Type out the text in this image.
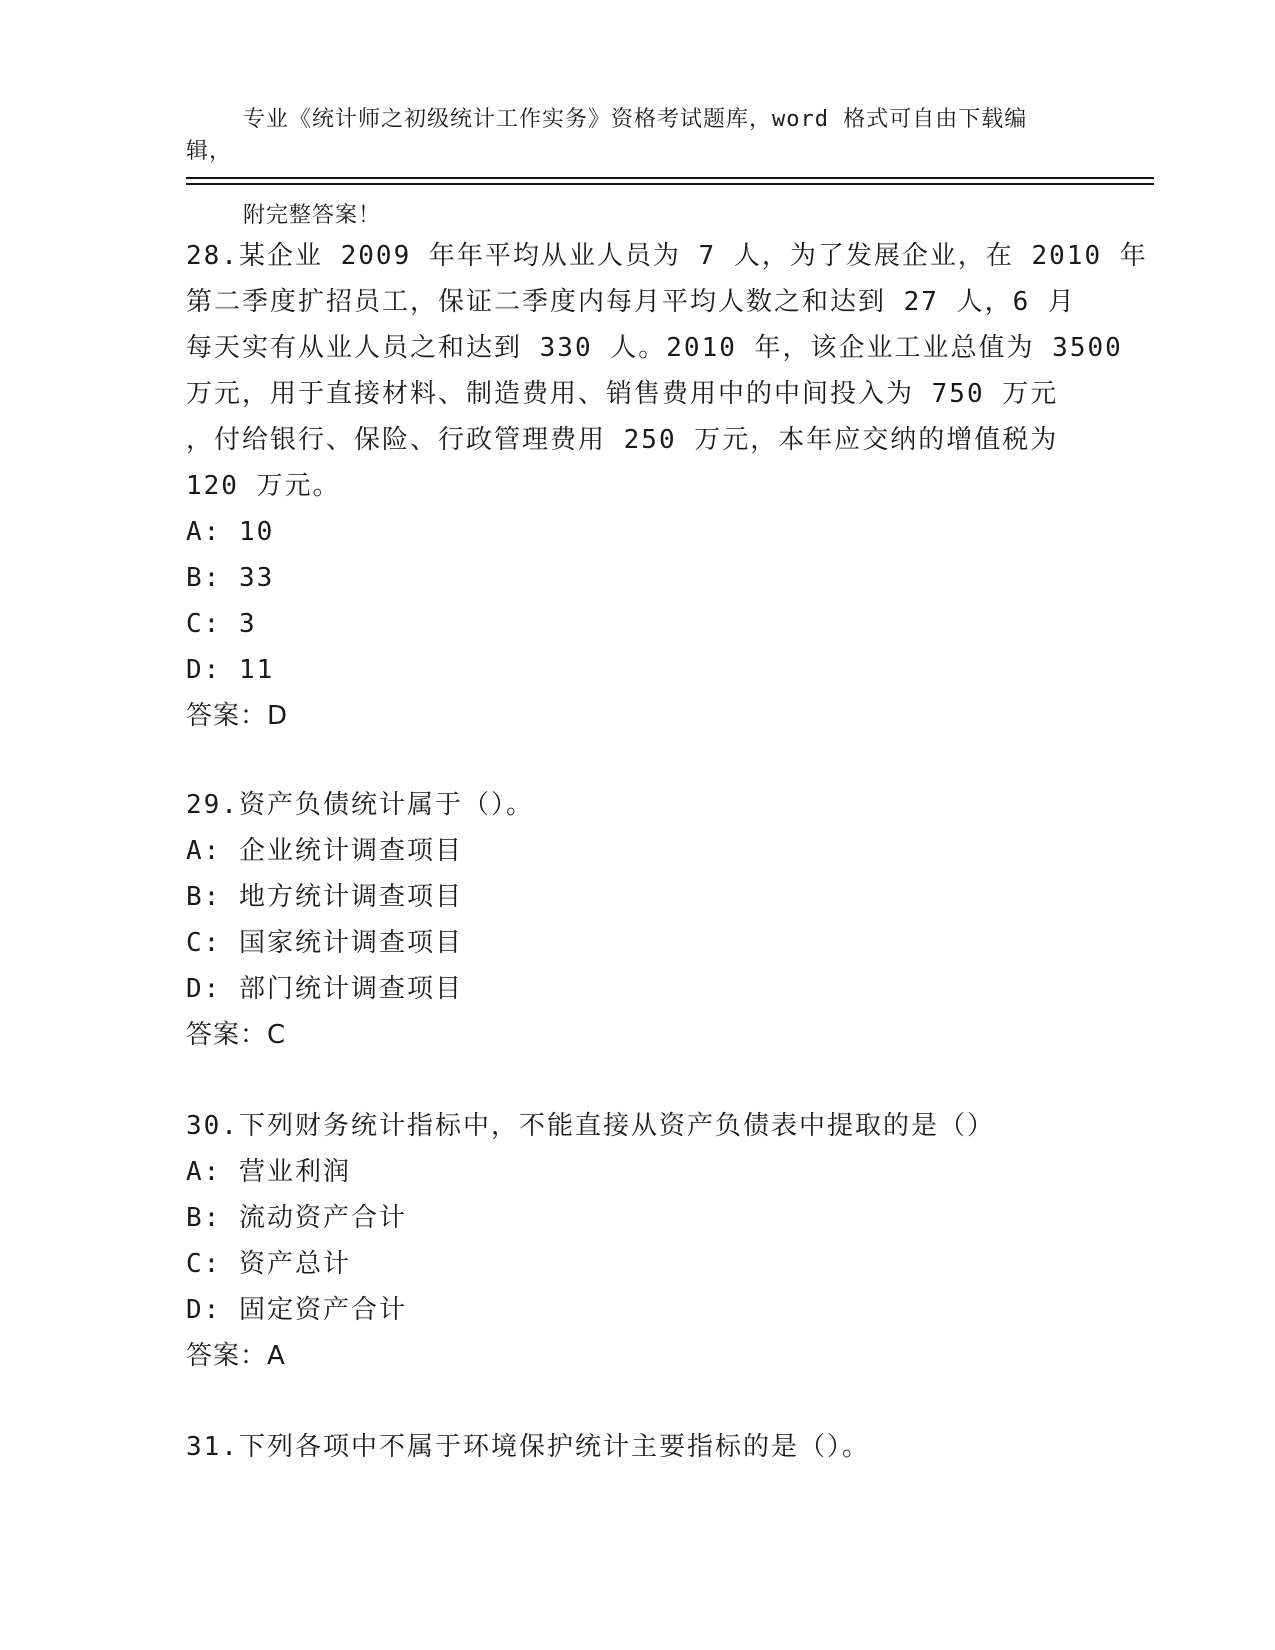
专业《统计师之初级统计工作实务》资格考试题库，word 格式可自由下载编辑，

附完整答案！

28.某企业 2009 年年平均从业人员为 7 人，为了发展企业，在 2010 年
第二季度扩招员工，保证二季度内每月平均人数之和达到 27 人，6 月
每天实有从业人员之和达到 330 人。2010 年，该企业工业总值为 3500
万元，用于直接材料、制造费用、销售费用中的中间投入为 750 万元
，付给银行、保险、行政管理费用 250 万元，本年应交纳的增值税为
120 万元。
A: 10
B: 33
C: 3
D: 11
答案：D
29.资产负债统计属于（）。
A: 企业统计调查项目
B: 地方统计调查项目
C: 国家统计调查项目
D: 部门统计调查项目
答案：C
30.下列财务统计指标中，不能直接从资产负债表中提取的是（）
A: 营业利润
B: 流动资产合计
C: 资产总计
D: 固定资产合计
答案：A
31.下列各项中不属于环境保护统计主要指标的是（）。
